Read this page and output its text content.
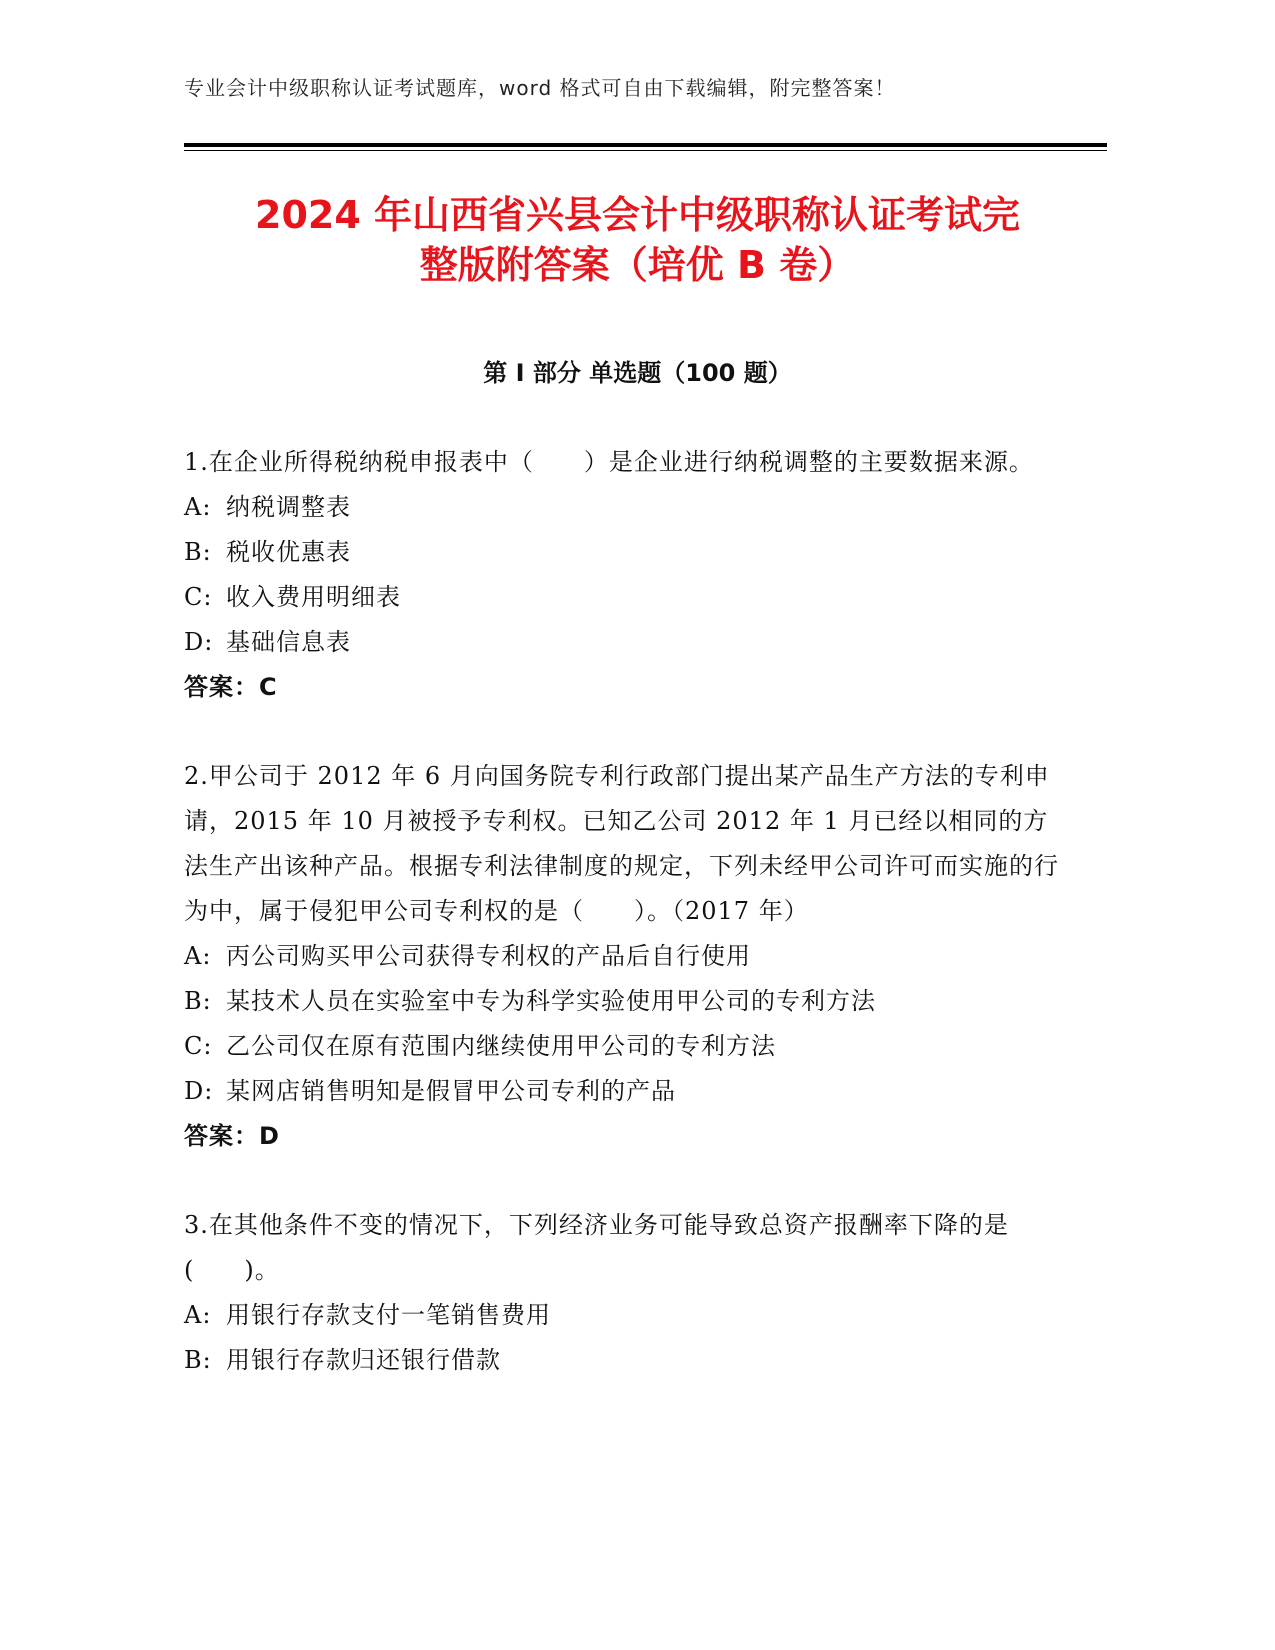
专业会计中级职称认证考试题库，word 格式可自由下载编辑，附完整答案！
2024 年山西省兴县会计中级职称认证考试完
整版附答案（培优 B 卷）
第 I 部分 单选题（100 题）
1.在企业所得税纳税申报表中（　　）是企业进行纳税调整的主要数据来源。
A: 纳税调整表
B: 税收优惠表
C: 收入费用明细表
D: 基础信息表
答案：C
2.甲公司于 2012 年 6 月向国务院专利行政部门提出某产品生产方法的专利申请，2015 年 10 月被授予专利权。已知乙公司 2012 年 1 月已经以相同的方法生产出该种产品。根据专利法律制度的规定，下列未经甲公司许可而实施的行为中，属于侵犯甲公司专利权的是（　　）。（2017 年）
A: 丙公司购买甲公司获得专利权的产品后自行使用
B: 某技术人员在实验室中专为科学实验使用甲公司的专利方法
C: 乙公司仅在原有范围内继续使用甲公司的专利方法
D: 某网店销售明知是假冒甲公司专利的产品
答案：D
3.在其他条件不变的情况下，下列经济业务可能导致总资产报酬率下降的是(　　)。
A: 用银行存款支付一笔销售费用
B: 用银行存款归还银行借款
